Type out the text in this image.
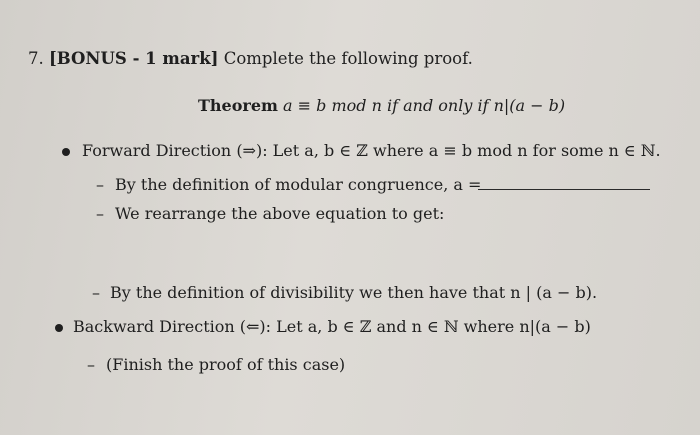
7. [BONUS - 1 mark] Complete the following proof.
Theorem a ≡ b mod n if and only if n|(a − b)
Forward Direction (⇒): Let a, b ∈ ℤ where a ≡ b mod n for some n ∈ ℕ.
– By the definition of modular congruence, a =
– We rearrange the above equation to get:
– By the definition of divisibility we then have that n | (a − b).
Backward Direction (⇐): Let a, b ∈ ℤ and n ∈ ℕ where n|(a − b)
– (Finish the proof of this case)
